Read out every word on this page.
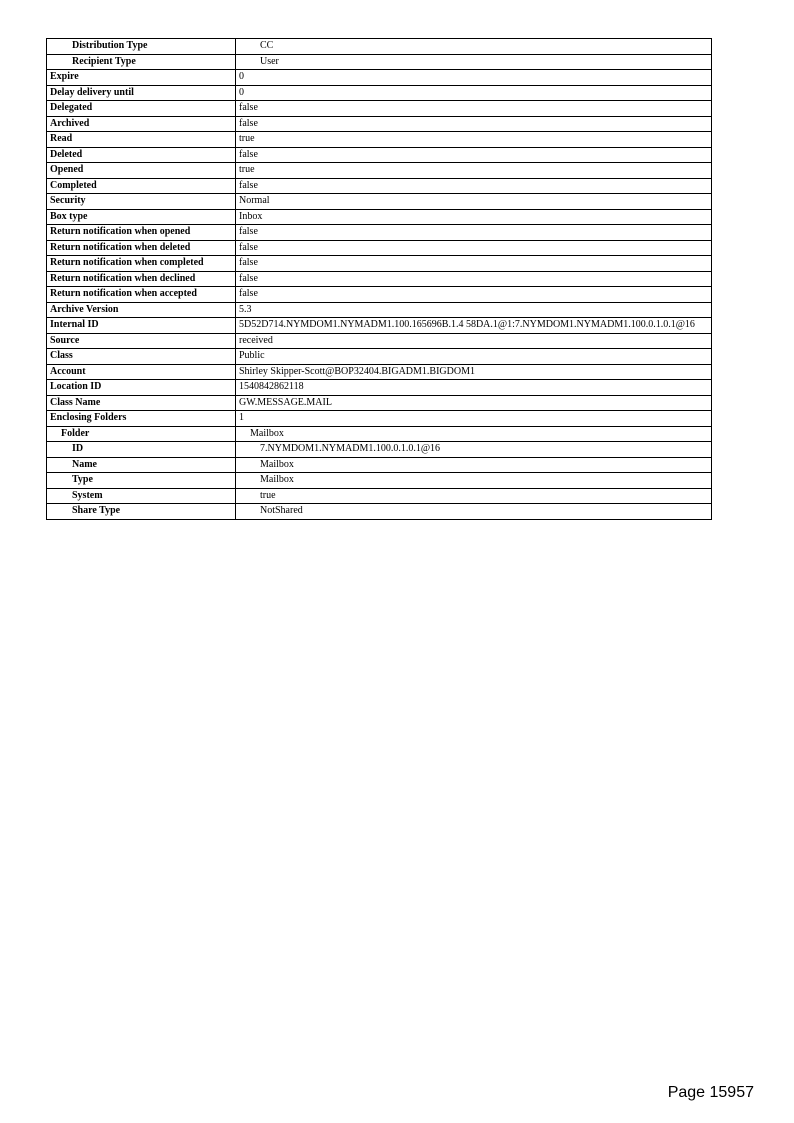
Distribution Type	CC
Recipient Type	User
Expire	0
Delay delivery until	0
Delegated	false
Archived	false
Read	true
Deleted	false
Opened	true
Completed	false
Security	Normal
Box type	Inbox
Return notification when opened	false
Return notification when deleted	false
Return notification when completed	false
Return notification when declined	false
Return notification when accepted	false
Archive Version	5.3
Internal ID	5D52D714.NYMDOM1.NYMADM1.100.165696B.1.4 58DA.1@1:7.NYMDOM1.NYMADM1.100.0.1.0.1@16
Source	received
Class	Public
Account	Shirley Skipper-Scott@BOP32404.BIGADM1.BIGDOM1
Location ID	1540842862118
Class Name	GW.MESSAGE.MAIL
Enclosing Folders	1
Folder	Mailbox
ID	7.NYMDOM1.NYMADM1.100.0.1.0.1@16
Name	Mailbox
Type	Mailbox
System	true
Share Type	NotShared
Page 15957
